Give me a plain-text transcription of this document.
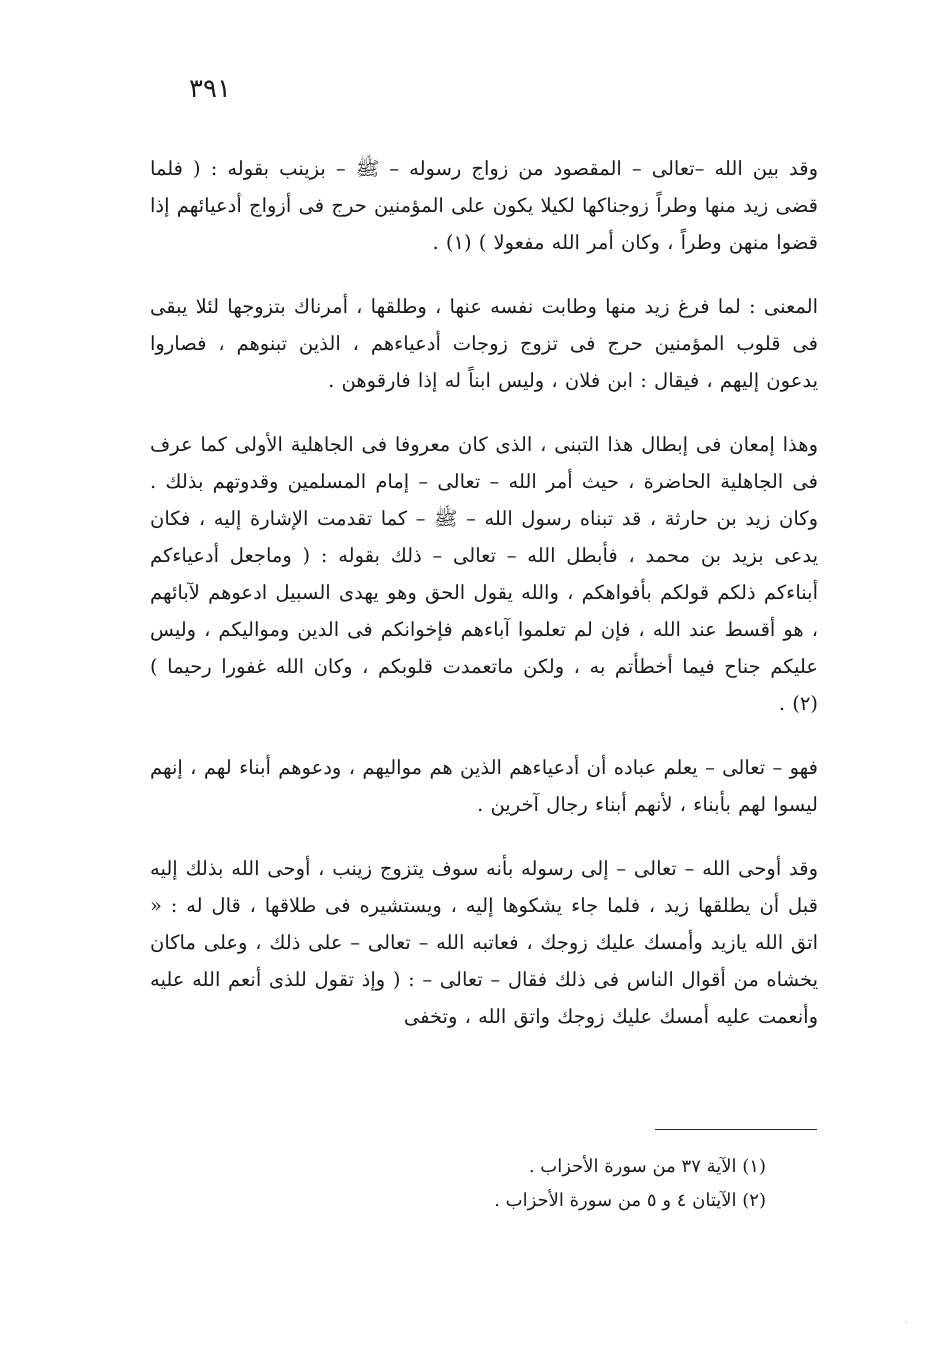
٣٩١

وقد بين الله –تعالى – المقصود من زواج رسوله – ﷺ – بزينب بقوله : ( فلما قضى زيد منها وطراً زوجناكها لكيلا يكون على المؤمنين حرج فى أزواج أدعيائهم إذا قضوا منهن وطراً ، وكان أمر الله مفعولا ) (١) .

المعنى : لما فرغ زيد منها وطابت نفسه عنها ، وطلقها ، أمرناك بتزوجها لئلا يبقى فى قلوب المؤمنين حرج فى تزوج زوجات أدعياءهم ، الذين تبنوهم ، فصاروا يدعون إليهم ، فيقال : ابن فلان ، وليس ابناً له إذا فارقوهن .

وهذا إمعان فى إبطال هذا التبنى ، الذى كان معروفا فى الجاهلية الأولى كما عرف فى الجاهلية الحاضرة ، حيث أمر الله – تعالى – إمام المسلمين وقدوتهم بذلك . وكان زيد بن حارثة ، قد تبناه رسول الله – ﷺ – كما تقدمت الإشارة إليه ، فكان يدعى بزيد بن محمد ، فأبطل الله – تعالى – ذلك بقوله : ( وماجعل أدعياءكم أبناءكم ذلكم قولكم بأفواهكم ، والله يقول الحق وهو يهدى السبيل ادعوهم لآبائهم ، هو أقسط عند الله ، فإن لم تعلموا آباءهم فإخوانكم فى الدين ومواليكم ، وليس عليكم جناح فيما أخطأتم به ، ولكن ماتعمدت قلوبكم ، وكان الله غفورا رحيما ) (٢) .

فهو – تعالى – يعلم عباده أن أدعياءهم الذين هم مواليهم ، ودعوهم أبناء لهم ، إنهم ليسوا لهم بأبناء ، لأنهم أبناء رجال آخرين .

وقد أوحى الله – تعالى – إلى رسوله بأنه سوف يتزوج زينب ، أوحى الله بذلك إليه قبل أن يطلقها زيد ، فلما جاء يشكوها إليه ، ويستشيره فى طلاقها ، قال له : « اتق الله يازيد وأمسك عليك زوجك ، فعاتبه الله – تعالى – على ذلك ، وعلى ماكان يخشاه من أقوال الناس فى ذلك فقال – تعالى – : ( وإذ تقول للذى أنعم الله عليه وأنعمت عليه أمسك عليك زوجك واتق الله ، وتخفى

(١) الآية ٣٧ من سورة الأحزاب .

(٢) الآيتان ٤ و ٥ من سورة الأحزاب .

·
